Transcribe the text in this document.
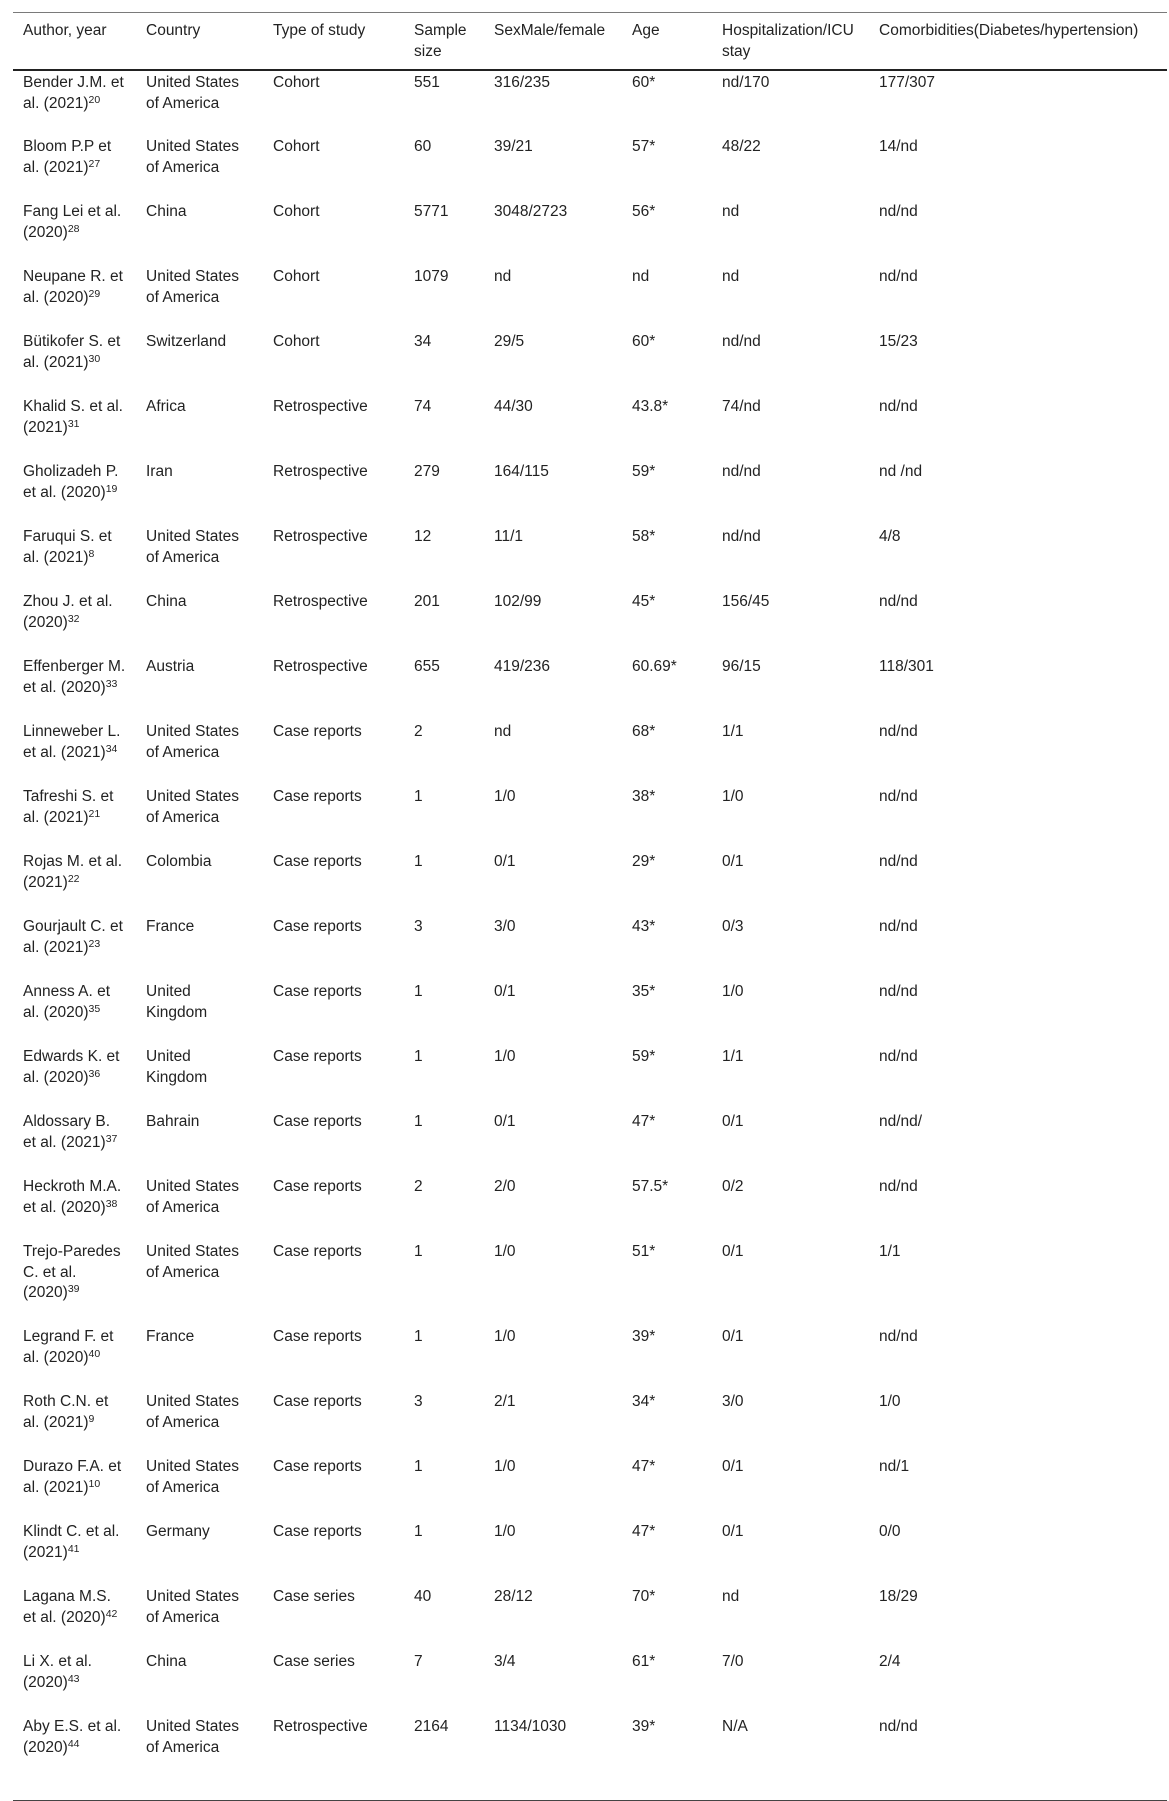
Author, year	Country	Type of study	Sample size	SexMale/female	Age	Hospitalization/ICU stay	Comorbidities(Diabetes/hypertension)
Bender J.M. et al. $(2021)^{20}$	United States of America	Cohort	551	316/235	60*	nd/170	177/307
Bloom P.P et al. $(2021)^{27}$	United States of America	Cohort	60	39/21	57*	48/22	14/nd
Fang Lei et al. $(2020)^{28}$	China	Cohort	5771	3048/2723	56*	nd	nd/nd
Neupane R. et al. $(2020)^{29}$	United States of America	Cohort	1079	nd	nd	nd	nd/nd
Bütikofer S. et al. $(2021)^{30}$	Switzerland	Cohort	34	29/5	60*	nd/nd	15/23
Khalid S. et al. $(2021)^{31}$	Africa	Retrospective	74	44/30	43.8*	74/nd	nd/nd
Gholizadeh P. et al. $(2020)^{19}$	Iran	Retrospective	279	164/115	59*	nd/nd	nd /nd
Faruqui S. et al. $(2021)^8$	United States of America	Retrospective	12	11/1	58*	nd/nd	4/8
Zhou J. et al. $(2020)^{32}$	China	Retrospective	201	102/99	45*	156/45	nd/nd
Effenberger M. et al. $(2020)^{33}$	Austria	Retrospective	655	419/236	60.69*	96/15	118/301
Linneweber L. et al. $(2021)^{34}$	United States of America	Case reports	2	nd	68*	1/1	nd/nd
Tafreshi S. et al. $(2021)^{21}$	United States of America	Case reports	1	1/0	38*	1/0	nd/nd
Rojas M. et al. $(2021)^{22}$	Colombia	Case reports	1	0/1	29*	0/1	nd/nd
Gourjault C. et al. $(2021)^{23}$	France	Case reports	3	3/0	43*	0/3	nd/nd
Anness A. et al. $(2020)^{35}$	United Kingdom	Case reports	1	0/1	35*	1/0	nd/nd
Edwards K. et al. $(2020)^{36}$	United Kingdom	Case reports	1	1/0	59*	1/1	nd/nd
Aldossary B. et al. $(2021)^{37}$	Bahrain	Case reports	1	0/1	47*	0/1	nd/nd/
Heckroth M.A. et al. $(2020)^{38}$	United States of America	Case reports	2	2/0	57.5*	0/2	nd/nd
Trejo-Paredes C. et al. $(2020)^{39}$	United States of America	Case reports	1	1/0	51*	0/1	1/1
Legrand F. et al. $(2020)^{40}$	France	Case reports	1	1/0	39*	0/1	nd/nd
Roth C.N. et al. $(2021)^9$	United States of America	Case reports	3	2/1	34*	3/0	1/0
Durazo F.A. et al. $(2021)^{10}$	United States of America	Case reports	1	1/0	47*	0/1	nd/1
Klindt C. et al. $(2021)^{41}$	Germany	Case reports	1	1/0	47*	0/1	0/0
Lagana M.S. et al. $(2020)^{42}$	United States of America	Case series	40	28/12	70*	nd	18/29
Li X. et al. $(2020)^{43}$	China	Case series	7	3/4	61*	7/0	2/4
Aby E.S. et al. $(2020)^{44}$	United States of America	Retrospective	2164	1134/1030	39*	N/A	nd/nd
